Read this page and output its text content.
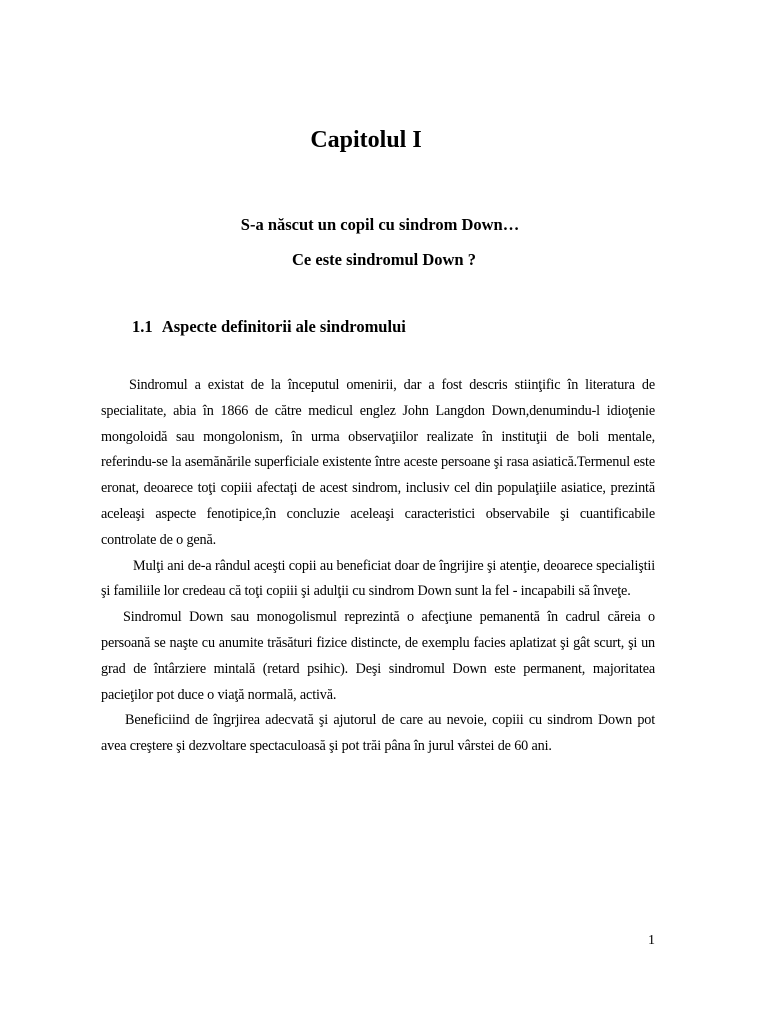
Capitolul I
S-a născut un copil cu sindrom Down…
Ce este sindromul Down ?
1.1 Aspecte definitorii ale sindromului

Sindromul a existat de la începutul omenirii, dar a fost descris stiinţific în literatura de specialitate, abia în 1866 de către medicul englez John Langdon Down,denumindu-l idioţenie mongoloidă sau mongolonism, în urma observaţiilor realizate în instituţii de boli mentale, referindu-se la asemănările superficiale existente între aceste persoane şi rasa asiatică.Termenul este eronat, deoarece toţi copiii afectaţi de acest sindrom, inclusiv cel din populaţiile asiatice, prezintă aceleaşi aspecte fenotipice,în concluzie aceleaşi caracteristici observabile şi cuantificabile controlate de o genă.

Mulţi ani de-a rândul aceşti copii au beneficiat doar de îngrijire şi atenţie, deoarece specialiştii şi familiile lor credeau că toţi copiii şi adulţii cu sindrom Down sunt la fel - incapabili să înveţe.

Sindromul Down sau monogolismul reprezintă o afecţiune pemanentă în cadrul căreia o persoană se naşte cu anumite trăsături fizice distincte, de exemplu facies aplatizat şi gât scurt, şi un grad de întârziere mintală (retard psihic). Deşi sindromul Down este permanent, majoritatea pacieţilor pot duce o viaţă normală, activă.

Beneficiind de îngrjirea adecvată şi ajutorul de care au nevoie, copiii cu sindrom Down pot avea creştere şi dezvoltare spectaculoasă şi pot trăi pâna în jurul vârstei de 60 ani.

1
